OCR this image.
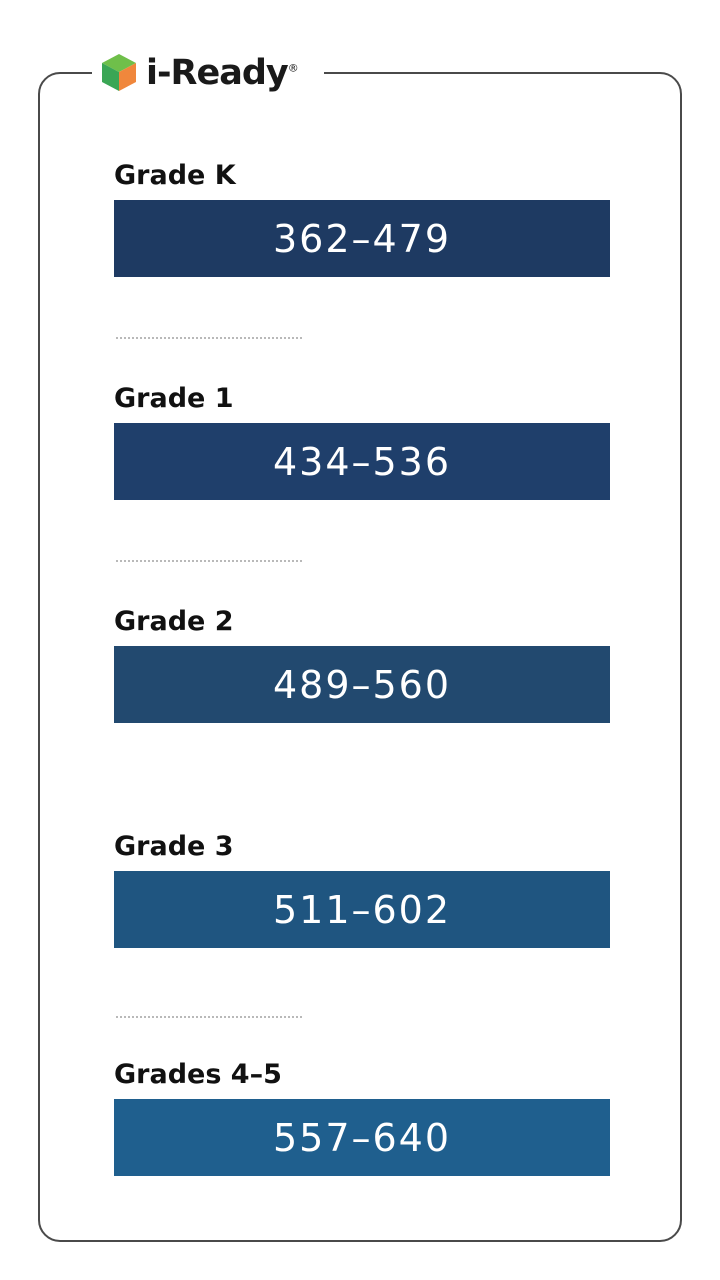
i-Ready®
Grade K
362–479
Grade 1
434–536
Grade 2
489–560
Grade 3
511–602
Grades 4–5
557–640
